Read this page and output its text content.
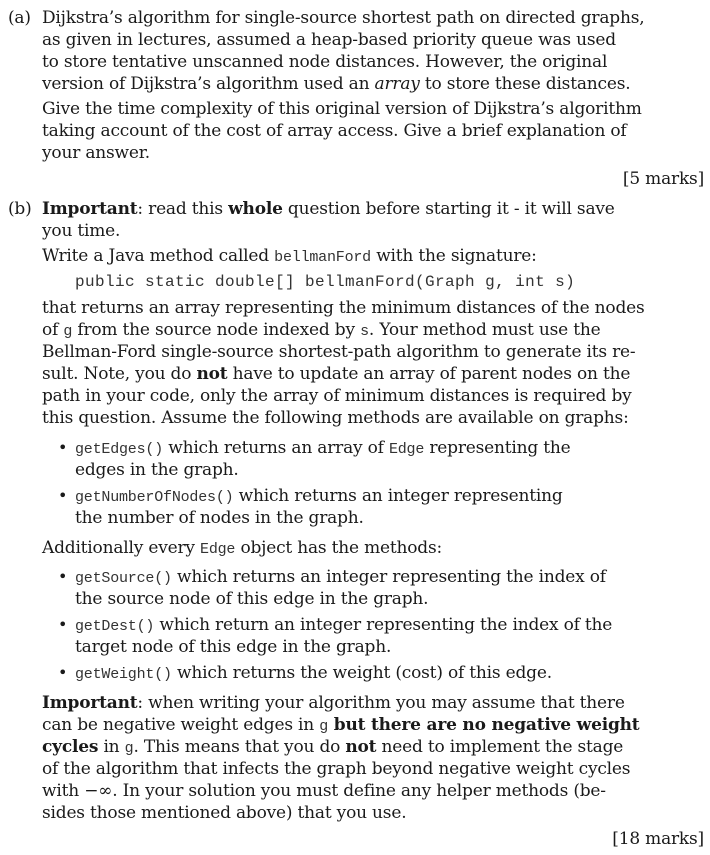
(a) Dijkstra’s algorithm for single-source shortest path on directed graphs,
as given in lectures, assumed a heap-based priority queue was used
to store tentative unscanned node distances. However, the original
version of Dijkstra’s algorithm used an array to store these distances.
Give the time complexity of this original version of Dijkstra’s algorithm
taking account of the cost of array access. Give a brief explanation of
your answer.
[5 marks]
(b) Important: read this whole question before starting it - it will save
you time.
Write a Java method called bellmanFord with the signature:
public static double[] bellmanFord(Graph g, int s)
that returns an array representing the minimum distances of the nodes
of g from the source node indexed by s. Your method must use the
Bellman-Ford single-source shortest-path algorithm to generate its re-
sult. Note, you do not have to update an array of parent nodes on the
path in your code, only the array of minimum distances is required by
this question. Assume the following methods are available on graphs:
• getEdges() which returns an array of Edge representing the
edges in the graph.
• getNumberOfNodes() which returns an integer representing
the number of nodes in the graph.
Additionally every Edge object has the methods:
• getSource() which returns an integer representing the index of
the source node of this edge in the graph.
• getDest() which return an integer representing the index of the
target node of this edge in the graph.
• getWeight() which returns the weight (cost) of this edge.
Important: when writing your algorithm you may assume that there
can be negative weight edges in g but there are no negative weight
cycles in g. This means that you do not need to implement the stage
of the algorithm that infects the graph beyond negative weight cycles
with −∞. In your solution you must define any helper methods (be-
sides those mentioned above) that you use.
[18 marks]
